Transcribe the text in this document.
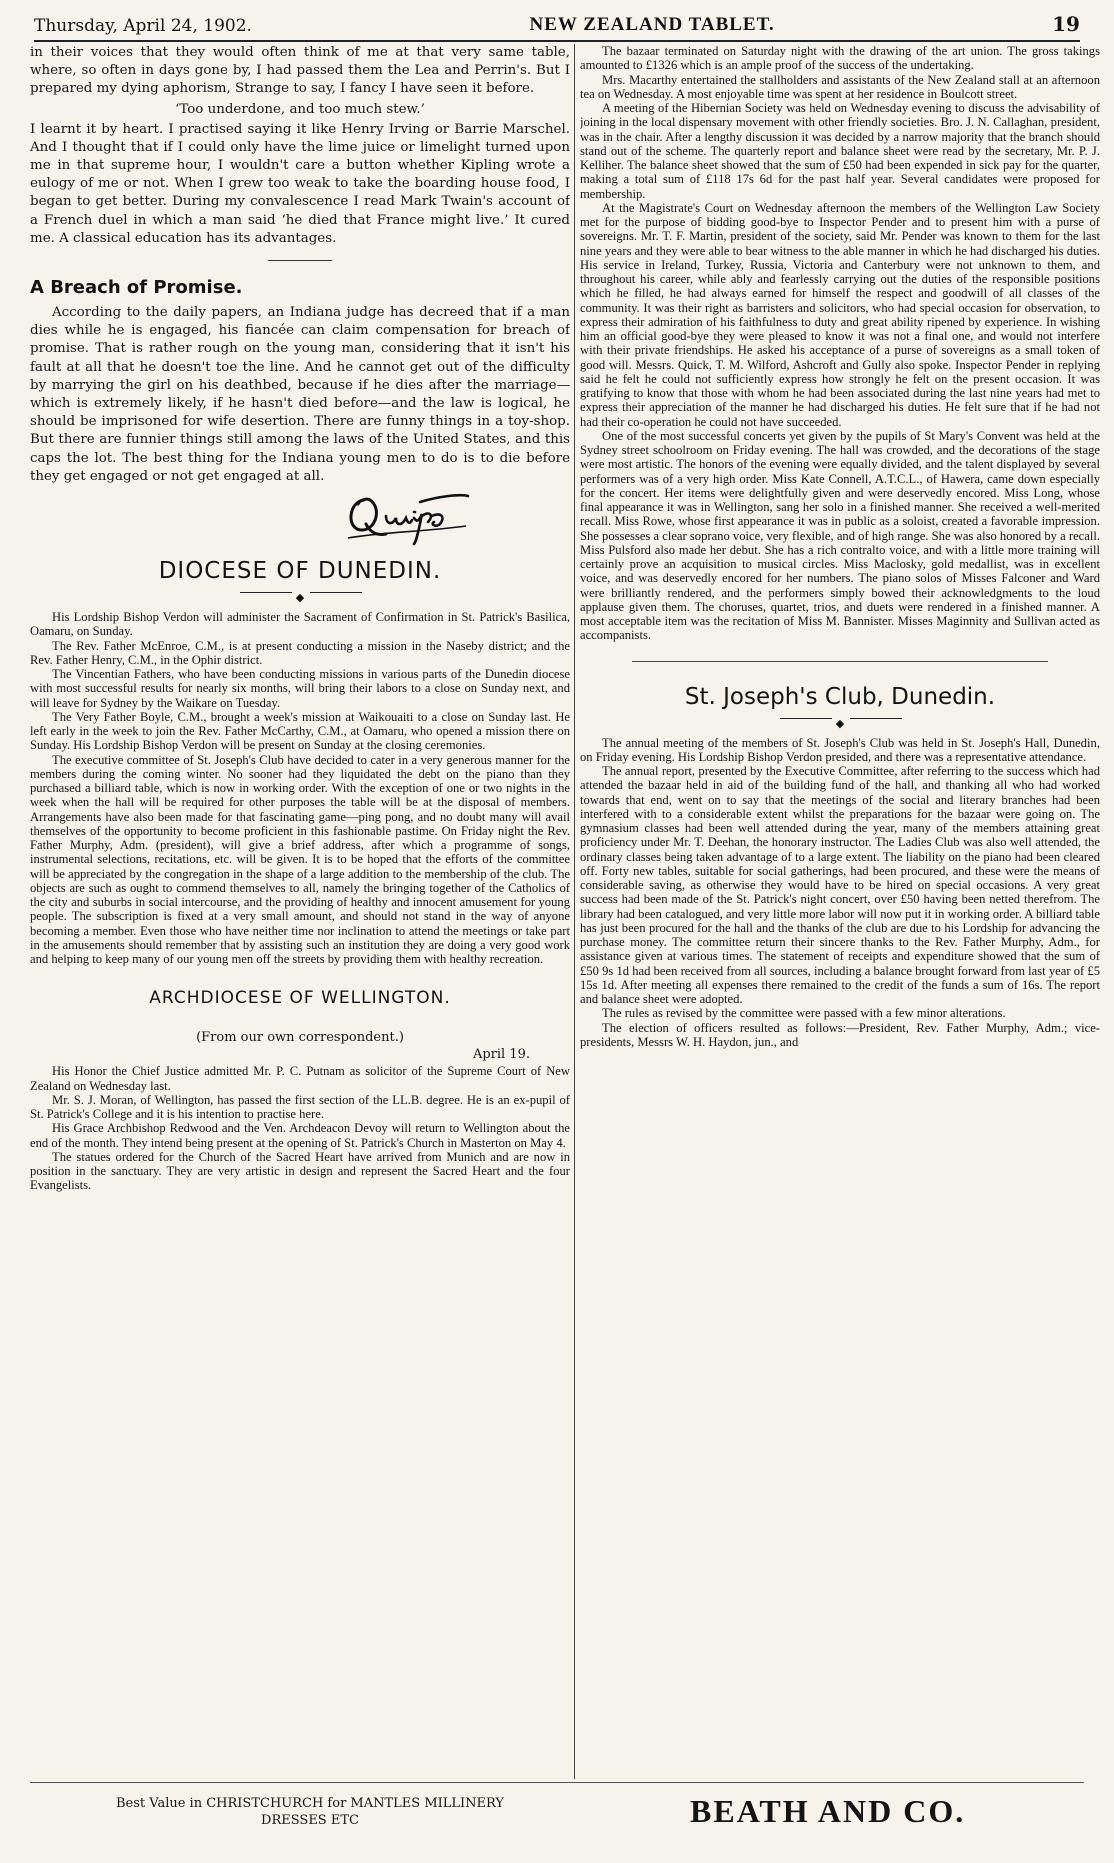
Thursday, April 24, 1902.	NEW ZEALAND TABLET.	19

in their voices that they would often think of me at that very same table, where, so often in days gone by, I had passed them the Lea and Perrin's. But I prepared my dying aphorism, Strange to say, I fancy I have seen it before.

‘Too underdone, and too much stew.’

I learnt it by heart. I practised saying it like Henry Irving or Barrie Marschel. And I thought that if I could only have the lime juice or limelight turned upon me in that supreme hour, I wouldn't care a button whether Kipling wrote a eulogy of me or not. When I grew too weak to take the boarding house food, I began to get better. During my convalescence I read Mark Twain's account of a French duel in which a man said ‘he died that France might live.’ It cured me. A classical education has its advantages.

A Breach of Promise.

According to the daily papers, an Indiana judge has decreed that if a man dies while he is engaged, his fiancée can claim compensation for breach of promise. That is rather rough on the young man, considering that it isn't his fault at all that he doesn't toe the line. And he cannot get out of the difficulty by marrying the girl on his deathbed, because if he dies after the marriage—which is extremely likely, if he hasn't died before—and the law is logical, he should be imprisoned for wife desertion. There are funny things in a toy-shop. But there are funnier things still among the laws of the United States, and this caps the lot. The best thing for the Indiana young men to do is to die before they get engaged or not get engaged at all.

DIOCESE OF DUNEDIN.
◆

His Lordship Bishop Verdon will administer the Sacrament of Confirmation in St. Patrick's Basilica, Oamaru, on Sunday.

The Rev. Father McEnroe, C.M., is at present conducting a mission in the Naseby district; and the Rev. Father Henry, C.M., in the Ophir district.

The Vincentian Fathers, who have been conducting missions in various parts of the Dunedin diocese with most successful results for nearly six months, will bring their labors to a close on Sunday next, and will leave for Sydney by the Waikare on Tuesday.

The Very Father Boyle, C.M., brought a week's mission at Waikouaiti to a close on Sunday last. He left early in the week to join the Rev. Father McCarthy, C.M., at Oamaru, who opened a mission there on Sunday. His Lordship Bishop Verdon will be present on Sunday at the closing ceremonies.

The executive committee of St. Joseph's Club have decided to cater in a very generous manner for the members during the coming winter. No sooner had they liquidated the debt on the piano than they purchased a billiard table, which is now in working order. With the exception of one or two nights in the week when the hall will be required for other purposes the table will be at the disposal of members. Arrangements have also been made for that fascinating game—ping pong, and no doubt many will avail themselves of the opportunity to become proficient in this fashionable pastime. On Friday night the Rev. Father Murphy, Adm. (president), will give a brief address, after which a programme of songs, instrumental selections, recitations, etc. will be given. It is to be hoped that the efforts of the committee will be appreciated by the congregation in the shape of a large addition to the membership of the club. The objects are such as ought to commend themselves to all, namely the bringing together of the Catholics of the city and suburbs in social intercourse, and the providing of healthy and innocent amusement for young people. The subscription is fixed at a very small amount, and should not stand in the way of anyone becoming a member. Even those who have neither time nor inclination to attend the meetings or take part in the amusements should remember that by assisting such an institution they are doing a very good work and helping to keep many of our young men off the streets by providing them with healthy recreation.

ARCHDIOCESE OF WELLINGTON.
(From our own correspondent.)
April 19.

His Honor the Chief Justice admitted Mr. P. C. Putnam as solicitor of the Supreme Court of New Zealand on Wednesday last.

Mr. S. J. Moran, of Wellington, has passed the first section of the LL.B. degree. He is an ex-pupil of St. Patrick's College and it is his intention to practise here.

His Grace Archbishop Redwood and the Ven. Archdeacon Devoy will return to Wellington about the end of the month. They intend being present at the opening of St. Patrick's Church in Masterton on May 4.

The statues ordered for the Church of the Sacred Heart have arrived from Munich and are now in position in the sanctuary. They are very artistic in design and represent the Sacred Heart and the four Evangelists.

The bazaar terminated on Saturday night with the drawing of the art union. The gross takings amounted to £1326 which is an ample proof of the success of the undertaking.

Mrs. Macarthy entertained the stallholders and assistants of the New Zealand stall at an afternoon tea on Wednesday. A most enjoyable time was spent at her residence in Boulcott street.

A meeting of the Hibernian Society was held on Wednesday evening to discuss the advisability of joining in the local dispensary movement with other friendly societies. Bro. J. N. Callaghan, president, was in the chair. After a lengthy discussion it was decided by a narrow majority that the branch should stand out of the scheme. The quarterly report and balance sheet were read by the secretary, Mr. P. J. Kelliher. The balance sheet showed that the sum of £50 had been expended in sick pay for the quarter, making a total sum of £118 17s 6d for the past half year. Several candidates were proposed for membership.

At the Magistrate's Court on Wednesday afternoon the members of the Wellington Law Society met for the purpose of bidding good-bye to Inspector Pender and to present him with a purse of sovereigns. Mr. T. F. Martin, president of the society, said Mr. Pender was known to them for the last nine years and they were able to bear witness to the able manner in which he had discharged his duties. His service in Ireland, Turkey, Russia, Victoria and Canterbury were not unknown to them, and throughout his career, while ably and fearlessly carrying out the duties of the responsible positions which he filled, he had always earned for himself the respect and goodwill of all classes of the community. It was their right as barristers and solicitors, who had special occasion for observation, to express their admiration of his faithfulness to duty and great ability ripened by experience. In wishing him an official good-bye they were pleased to know it was not a final one, and would not interfere with their private friendships. He asked his acceptance of a purse of sovereigns as a small token of good will. Messrs. Quick, T. M. Wilford, Ashcroft and Gully also spoke. Inspector Pender in replying said he felt he could not sufficiently express how strongly he felt on the present occasion. It was gratifying to know that those with whom he had been associated during the last nine years had met to express their appreciation of the manner he had discharged his duties. He felt sure that if he had not had their co-operation he could not have succeeded.

One of the most successful concerts yet given by the pupils of St Mary's Convent was held at the Sydney street schoolroom on Friday evening. The hall was crowded, and the decorations of the stage were most artistic. The honors of the evening were equally divided, and the talent displayed by several performers was of a very high order. Miss Kate Connell, A.T.C.L., of Hawera, came down especially for the concert. Her items were delightfully given and were deservedly encored. Miss Long, whose final appearance it was in Wellington, sang her solo in a finished manner. She received a well-merited recall. Miss Rowe, whose first appearance it was in public as a soloist, created a favorable impression. She possesses a clear soprano voice, very flexible, and of high range. She was also honored by a recall. Miss Pulsford also made her debut. She has a rich contralto voice, and with a little more training will certainly prove an acquisition to musical circles. Miss Maclosky, gold medallist, was in excellent voice, and was deservedly encored for her numbers. The piano solos of Misses Falconer and Ward were brilliantly rendered, and the performers simply bowed their acknowledgments to the loud applause given them. The choruses, quartet, trios, and duets were rendered in a finished manner. A most acceptable item was the recitation of Miss M. Bannister. Misses Maginnity and Sullivan acted as accompanists.

St. Joseph's Club, Dunedin.
◆

The annual meeting of the members of St. Joseph's Club was held in St. Joseph's Hall, Dunedin, on Friday evening. His Lordship Bishop Verdon presided, and there was a representative attendance.

The annual report, presented by the Executive Committee, after referring to the success which had attended the bazaar held in aid of the building fund of the hall, and thanking all who had worked towards that end, went on to say that the meetings of the social and literary branches had been interfered with to a considerable extent whilst the preparations for the bazaar were going on. The gymnasium classes had been well attended during the year, many of the members attaining great proficiency under Mr. T. Deehan, the honorary instructor. The Ladies Club was also well attended, the ordinary classes being taken advantage of to a large extent. The liability on the piano had been cleared off. Forty new tables, suitable for social gatherings, had been procured, and these were the means of considerable saving, as otherwise they would have to be hired on special occasions. A very great success had been made of the St. Patrick's night concert, over £50 having been netted therefrom. The library had been catalogued, and very little more labor will now put it in working order. A billiard table has just been procured for the hall and the thanks of the club are due to his Lordship for advancing the purchase money. The committee return their sincere thanks to the Rev. Father Murphy, Adm., for assistance given at various times. The statement of receipts and expenditure showed that the sum of £50 9s 1d had been received from all sources, including a balance brought forward from last year of £5 15s 1d. After meeting all expenses there remained to the credit of the funds a sum of 16s. The report and balance sheet were adopted.

The rules as revised by the committee were passed with a few minor alterations.

The election of officers resulted as follows:—President, Rev. Father Murphy, Adm.; vice-presidents, Messrs W. H. Haydon, jun., and

Best Value in CHRISTCHURCH for MANTLES MILLINERY
DRESSES ETC	BEATH AND CO.
